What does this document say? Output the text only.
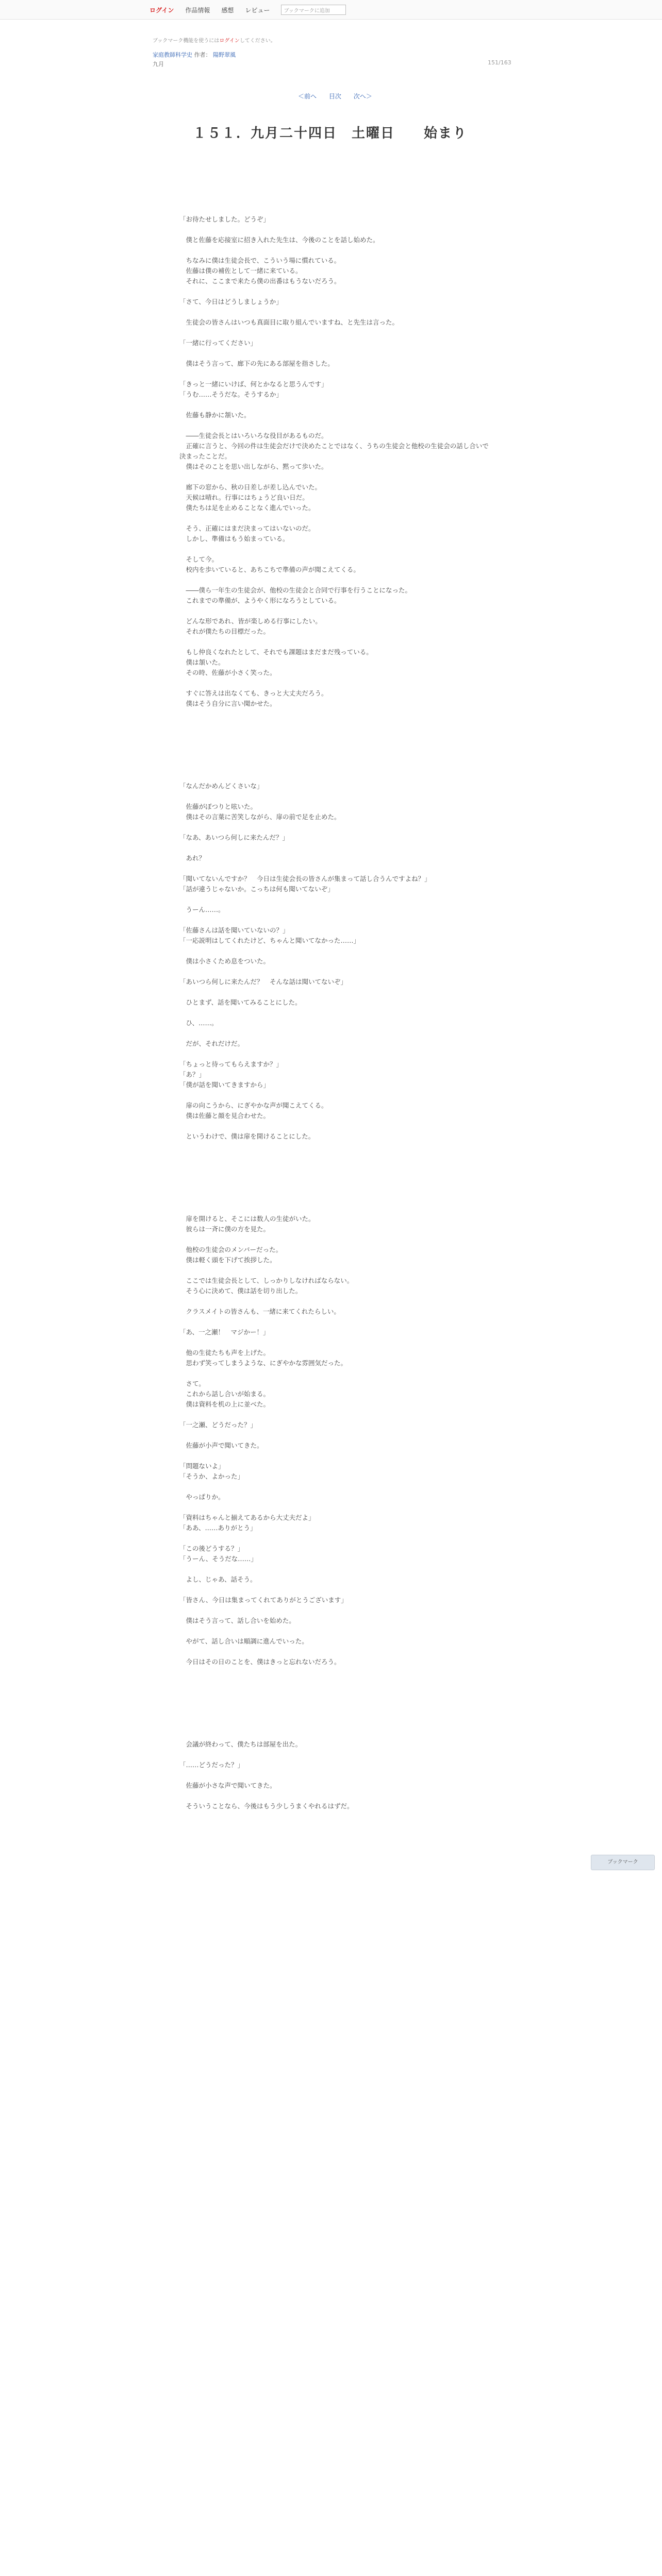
ログイン 作品情報 感想 レビュー	ブックマークに追加
ブックマーク機能を使うにはログインしてください。
家庭教師科学史 作者： 陽野翠風
九月	151/163
＜前へ 目次 次へ＞
１５１．九月二十四日　土曜日　　始まり
「お待たせしました。どうぞ」
　僕と佐藤を応接室に招き入れた先生は、今後のことを話し始めた。
　ちなみに僕は生徒会長で、こういう場に慣れている。
　佐藤は僕の補佐として一緒に来ている。
　それに、ここまで来たら僕の出番はもうないだろう。
「さて、今日はどうしましょうか」
　生徒会の皆さんはいつも真面目に取り組んでいますね、と先生は言った。
「一緒に行ってください」
　僕はそう言って、廊下の先にある部屋を指さした。
「きっと一緒にいけば、何とかなると思うんです」
「うむ……そうだな。そうするか」
　佐藤も静かに頷いた。
　――生徒会長とはいろいろな役目があるものだ。
　正確に言うと、今回の件は生徒会だけで決めたことではなく、うちの生徒会と他校の生徒会の話し合いで決まったことだ。
　僕はそのことを思い出しながら、黙って歩いた。
　廊下の窓から、秋の日差しが差し込んでいた。
　天候は晴れ。行事にはちょうど良い日だ。
　僕たちは足を止めることなく進んでいった。
　そう、正確にはまだ決まってはいないのだ。
　しかし、準備はもう始まっている。
　そして今。
　校内を歩いていると、あちこちで準備の声が聞こえてくる。
　――僕ら一年生の生徒会が、他校の生徒会と合同で行事を行うことになった。
　これまでの準備が、ようやく形になろうとしている。
　どんな形であれ、皆が楽しめる行事にしたい。
　それが僕たちの目標だった。
　もし仲良くなれたとして、それでも課題はまだまだ残っている。
　僕は頷いた。
　その時、佐藤が小さく笑った。
　すぐに答えは出なくても、きっと大丈夫だろう。
　僕はそう自分に言い聞かせた。
「なんだかめんどくさいな」
　佐藤がぽつりと呟いた。
　僕はその言葉に苦笑しながら、扉の前で足を止めた。
「なあ、あいつら何しに来たんだ？」
　あれ？
「聞いてないんですか？　今日は生徒会長の皆さんが集まって話し合うんですよね？」
「話が違うじゃないか。こっちは何も聞いてないぞ」
　うーん……。
「佐藤さんは話を聞いていないの？」
「一応説明はしてくれたけど、ちゃんと聞いてなかった……」
　僕は小さくため息をついた。
「あいつら何しに来たんだ？　そんな話は聞いてないぞ」
　ひとまず、話を聞いてみることにした。
　ひ、……。
　だが、それだけだ。
「ちょっと待ってもらえますか？」
「あ？」
「僕が話を聞いてきますから」
　扉の向こうから、にぎやかな声が聞こえてくる。
　僕は佐藤と顔を見合わせた。
　というわけで、僕は扉を開けることにした。
　扉を開けると、そこには数人の生徒がいた。
　彼らは一斉に僕の方を見た。
　他校の生徒会のメンバーだった。
　僕は軽く頭を下げて挨拶した。
　ここでは生徒会長として、しっかりしなければならない。
　そう心に決めて、僕は話を切り出した。
　クラスメイトの皆さんも、一緒に来てくれたらしい。
「あ、一之瀬！　マジかー！」
　他の生徒たちも声を上げた。
　思わず笑ってしまうような、にぎやかな雰囲気だった。
　さて。
　これから話し合いが始まる。
　僕は資料を机の上に並べた。
「一之瀬、どうだった？」
　佐藤が小声で聞いてきた。
「問題ないよ」
「そうか、よかった」
　やっぱりか。
「資料はちゃんと揃えてあるから大丈夫だよ」
「ああ、……ありがとう」
「この後どうする？」
「うーん、そうだな……」
　よし、じゃあ、話そう。
「皆さん、今日は集まってくれてありがとうございます」
　僕はそう言って、話し合いを始めた。
　やがて、話し合いは順調に進んでいった。
　今日はその日のことを、僕はきっと忘れないだろう。
　会議が終わって、僕たちは部屋を出た。
「……どうだった？」
　佐藤が小さな声で聞いてきた。
　そういうことなら、今後はもう少しうまくやれるはずだ。
ブックマーク
